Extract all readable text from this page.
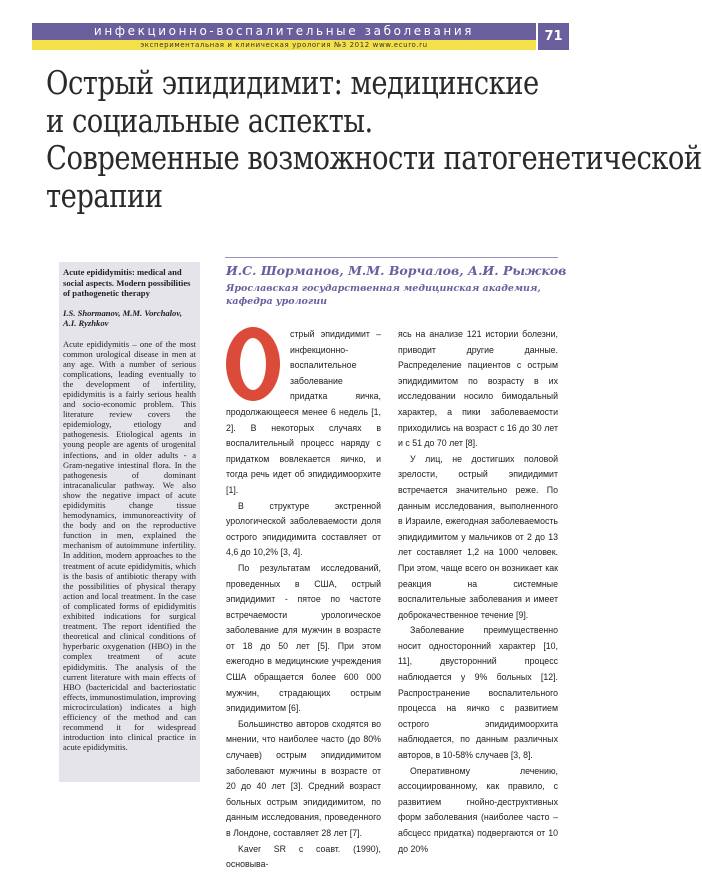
инфекционно-воспалительные заболевания
экспериментальная и клиническая урология №3 2012 www.ecuro.ru
71
Острый эпидидимит: медицинские
и социальные аспекты.
Современные возможности патогенетической
терапии
И.С. Шорманов, М.М. Ворчалов, А.И. Рыжков
Ярославская государственная медицинская академия, кафедра урологии
Acute epididymitis: medical and social aspects. Modern possibilities of pathogenetic therapy
I.S. Shormanov, M.M. Vorchalov, A.I. Ryzhkov
Acute epididymitis – one of the most common urological disease in men at any age. With a number of serious complications, leading eventually to the development of infertility, epididymitis is a fairly serious health and socio-economic problem. This literature review covers the epidemiology, etiology and pathogenesis. Etiological agents in young people are agents of urogenital infections, and in older adults - a Gram-negative intestinal flora. In the pathogenesis of dominant intracanalicular pathway. We also show the negative impact of acute epididymitis change tissue hemodynamics, immunoreactivity of the body and on the reproductive function in men, explained the mechanism of autoimmune infertility. In addition, modern approaches to the treatment of acute epididymitis, which is the basis of antibiotic therapy with the possibilities of physical therapy action and local treatment. In the case of complicated forms of epididymitis exhibited indications for surgical treatment. The report identified the theoretical and clinical conditions of hyperbaric oxygenation (HBO) in the complex treatment of acute epididymitis. The analysis of the current literature with main effects of HBO (bactericidal and bacteriostatic effects, immunostimulation, improving microcirculation) indicates a high efficiency of the method and can recommend it for widespread introduction into clinical practice in acute epididymitis.

стрый эпидидимит – инфекционно-воспалительное заболевание придатка яичка, продолжающееся менее 6 недель [1, 2]. В некоторых случаях в воспалительный процесс наряду с придатком вовлекается яичко, и тогда речь идет об эпидидимоорхите [1].

В структуре экстренной урологической заболеваемости доля острого эпидидимита составляет от 4,6 до 10,2% [3, 4].

По результатам исследований, проведенных в США, острый эпидидимит - пятое по частоте встречаемости урологическое заболевание для мужчин в возрасте от 18 до 50 лет [5]. При этом ежегодно в медицинские учреждения США обращается более 600 000 мужчин, страдающих острым эпидидимитом [6].

Большинство авторов сходятся во мнении, что наиболее часто (до 80% случаев) острым эпидидимитом заболевают мужчины в возрасте от 20 до 40 лет [3]. Средний возраст больных острым эпидидимитом, по данным исследования, проведенного в Лондоне, составляет 28 лет [7].

Kaver SR с соавт. (1990), основыва-

ясь на анализе 121 истории болезни, приводит другие данные. Распределение пациентов с острым эпидидимитом по возрасту в их исследовании носило бимодальный характер, а пики заболеваемости приходились на возраст с 16 до 30 лет и с 51 до 70 лет [8].

У лиц, не достигших половой зрелости, острый эпидидимит встречается значительно реже. По данным исследования, выполненного в Израиле, ежегодная заболеваемость эпидидимитом у мальчиков от 2 до 13 лет составляет 1,2 на 1000 человек. При этом, чаще всего он возникает как реакция на системные воспалительные заболевания и имеет доброкачественное течение [9].

Заболевание преимущественно носит односторонний характер [10, 11], двусторонний процесс наблюдается у 9% больных [12]. Распространение воспалительного процесса на яичко с развитием острого эпидидимоорхита наблюдается, по данным различных авторов, в 10-58% случаев [3, 8].

Оперативному лечению, ассоциированному, как правило, с развитием гнойно-деструктивных форм заболевания (наиболее часто – абсцесс придатка) подвергаются от 10 до 20%
